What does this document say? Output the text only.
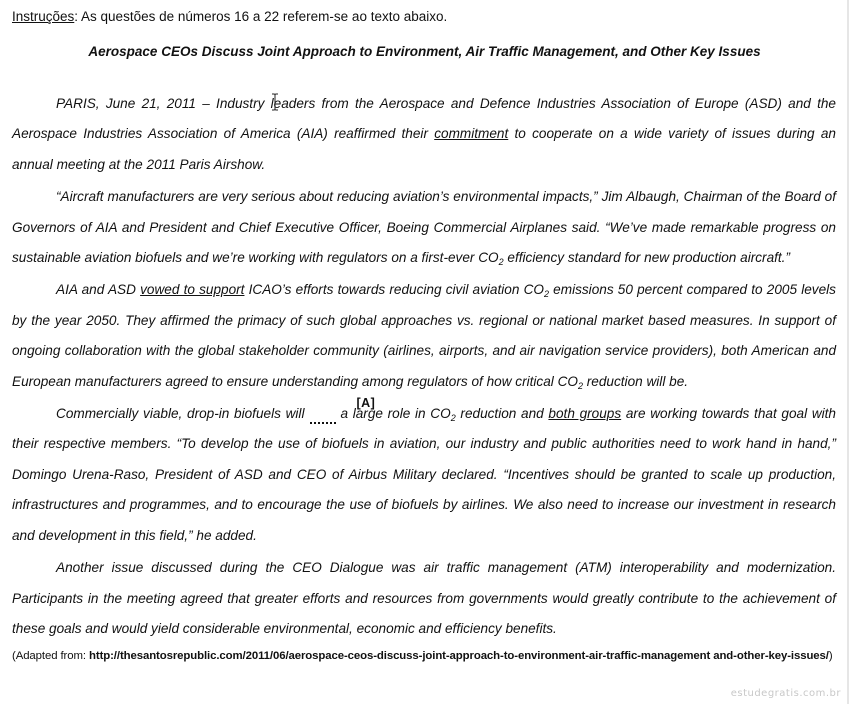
Instruções: As questões de números 16 a 22 referem-se ao texto abaixo.
Aerospace CEOs Discuss Joint Approach to Environment, Air Traffic Management, and Other Key Issues

PARIS, June 21, 2011 – Industry leaders from the Aerospace and Defence Industries Association of Europe (ASD) and the Aerospace Industries Association of America (AIA) reaffirmed their commitment to cooperate on a wide variety of issues during an annual meeting at the 2011 Paris Airshow.

“Aircraft manufacturers are very serious about reducing aviation’s environmental impacts,” Jim Albaugh, Chairman of the Board of Governors of AIA and President and Chief Executive Officer, Boeing Commercial Airplanes said. “We’ve made remarkable progress on sustainable aviation biofuels and we’re working with regulators on a first-ever $CO_2$ efficiency standard for new production aircraft.”

AIA and ASD vowed to support ICAO’s efforts towards reducing civil aviation $CO_2$ emissions 50 percent compared to 2005 levels by the year 2050. They affirmed the primacy of such global approaches vs. regional or national market based measures. In support of ongoing collaboration with the global stakeholder community (airlines, airports, and air navigation service providers), both American and European manufacturers agreed to ensure understanding among regulators of how critical $CO_2$ reduction will be.

Commercially viable, drop-in biofuels will
[A]
a large role in $CO_2$ reduction and both groups are working towards that goal with their respective members. “To develop the use of biofuels in aviation, our industry and public authorities need to work hand in hand,” Domingo Urena-Raso, President of ASD and CEO of Airbus Military declared. “Incentives should be granted to scale up production, infrastructures and programmes, and to encourage the use of biofuels by airlines. We also need to increase our investment in research and development in this field,” he added.

Another issue discussed during the CEO Dialogue was air traffic management (ATM) interoperability and modernization. Participants in the meeting agreed that greater efforts and resources from governments would greatly contribute to the achievement of these goals and would yield considerable environmental, economic and efficiency benefits.

(Adapted from: http://thesantosrepublic.com/2011/06/aerospace-ceos-discuss-joint-approach-to-environment-air-traffic-management and-other-key-issues/)
estudegratis.com.br
